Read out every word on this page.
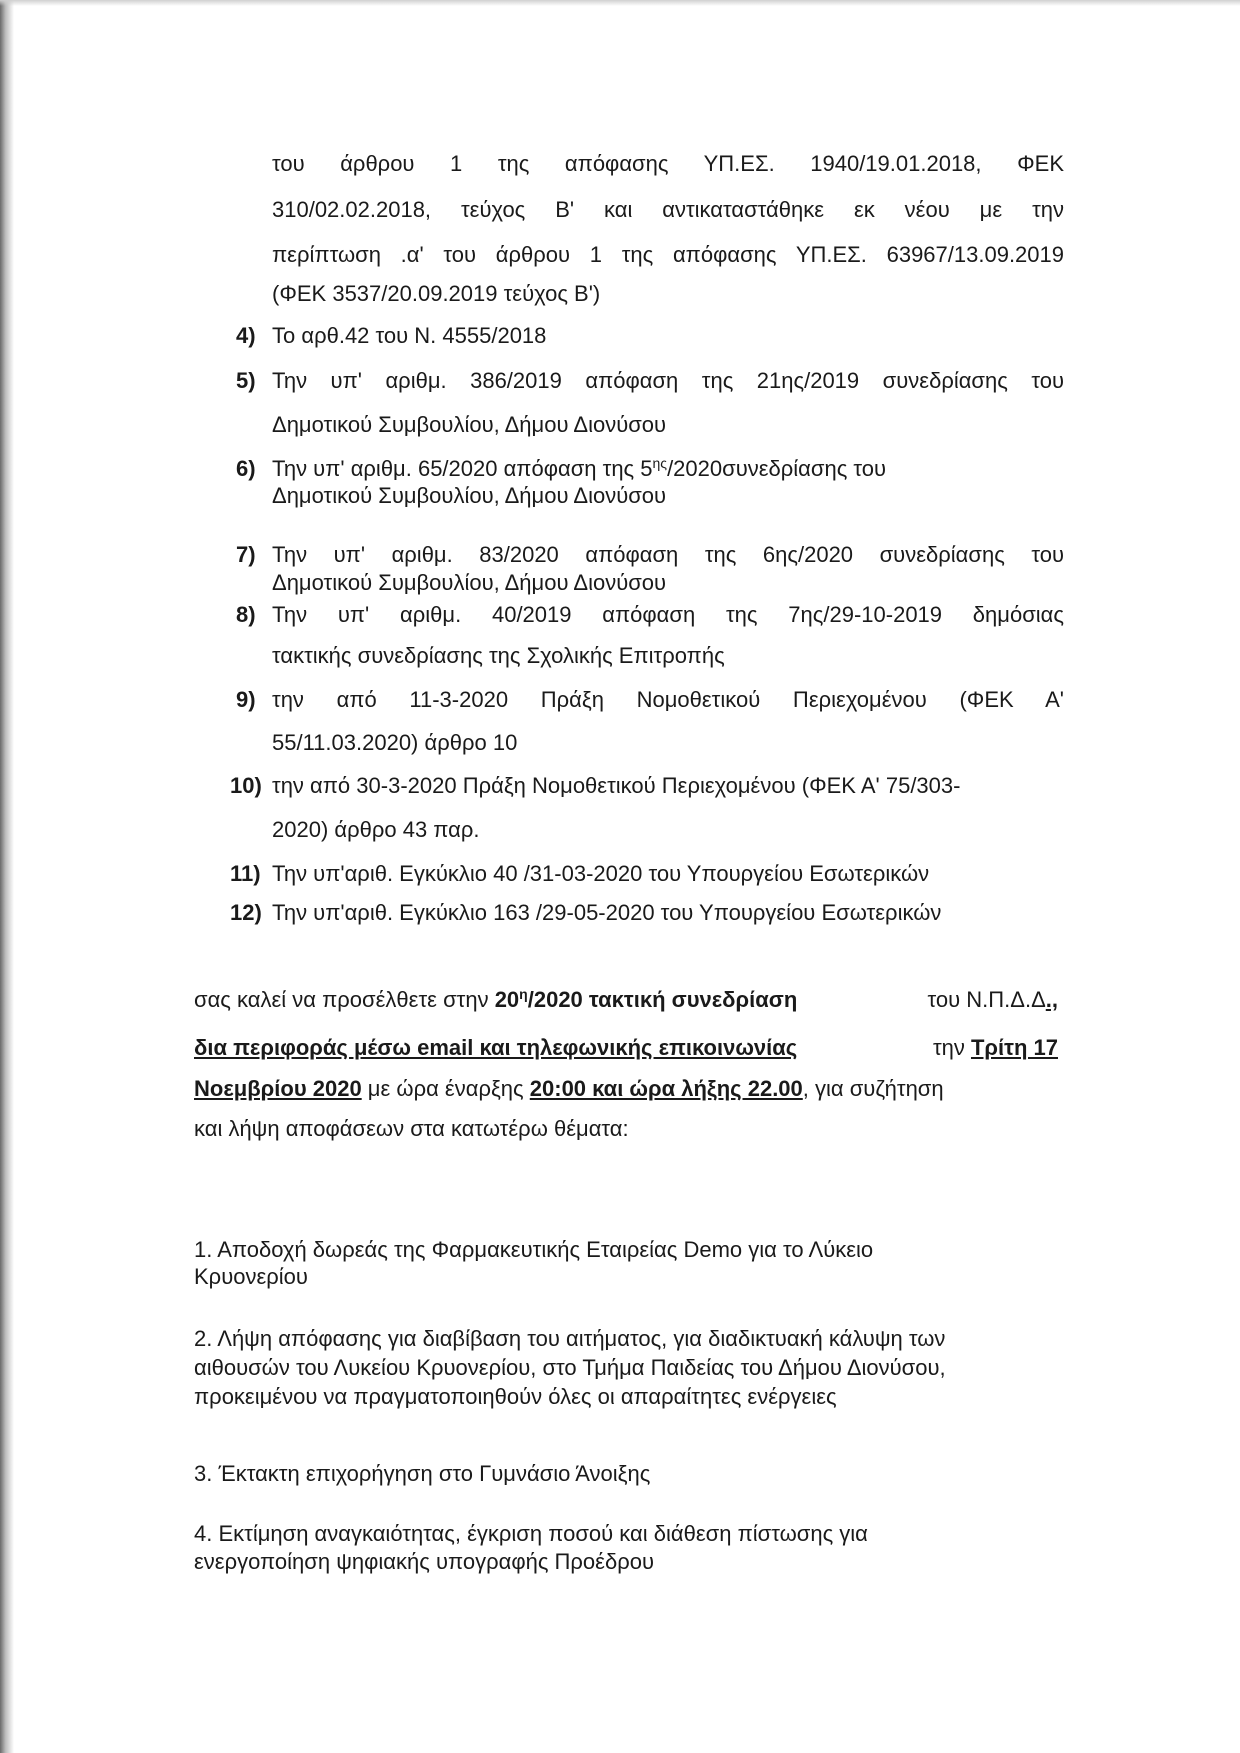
του άρθρου 1 της απόφασης ΥΠ.ΕΣ. 1940/19.01.2018, ΦΕΚ
310/02.02.2018, τεύχος Β' και αντικαταστάθηκε εκ νέου με την
περίπτωση .α' του άρθρου 1 της απόφασης ΥΠ.ΕΣ. 63967/13.09.2019
(ΦΕΚ 3537/20.09.2019 τεύχος Β')
4) Το αρθ.42 του Ν. 4555/2018
5) Την υπ' αριθμ. 386/2019 απόφαση της 21ης/2019 συνεδρίασης του
Δημοτικού Συμβουλίου, Δήμου Διονύσου
6) Την υπ' αριθμ. 65/2020 απόφαση της $5^{\eta\varsigma}/2020\sigma\upsilon\nu\varepsilon\delta\rho ί\alpha\sigma\eta\varsigma$ του
Δημοτικού Συμβουλίου, Δήμου Διονύσου
7) Την υπ' αριθμ. 83/2020 απόφαση της 6ης/2020 συνεδρίασης του
Δημοτικού Συμβουλίου, Δήμου Διονύσου
8) Την υπ' αριθμ. 40/2019 απόφαση της 7ης/29-10-2019 δημόσιας
τακτικής συνεδρίασης της Σχολικής Επιτροπής
9) την από 11-3-2020 Πράξη Νομοθετικού Περιεχομένου (ΦΕΚ Α'
55/11.03.2020) άρθρο 10
10) την από 30-3-2020 Πράξη Νομοθετικού Περιεχομένου (ΦΕΚ Α' 75/303-
2020) άρθρο 43 παρ.
11) Την υπ'αριθ. Εγκύκλιο 40 /31-03-2020 του Υπουργείου Εσωτερικών
12) Την υπ'αριθ. Εγκύκλιο 163 /29-05-2020 του Υπουργείου Εσωτερικών
σας καλεί να προσέλθετε στην $20^\eta/2020$ τακτική συνεδρίαση	του Ν.Π.Δ.Δ.,
δια περιφοράς μέσω email και τηλεφωνικής επικοινωνίας	την Τρίτη 17
Νοεμβρίου 2020 με ώρα έναρξης 20:00 και ώρα λήξης 22.00, για συζήτηση
και λήψη αποφάσεων στα κατωτέρω θέματα:
1. Αποδοχή δωρεάς της Φαρμακευτικής Εταιρείας Demo για το Λύκειο
Κρυονερίου
2. Λήψη απόφασης για διαβίβαση του αιτήματος, για διαδικτυακή κάλυψη των
αιθουσών του Λυκείου Κρυονερίου, στο Τμήμα Παιδείας του Δήμου Διονύσου,
προκειμένου να πραγματοποιηθούν όλες οι απαραίτητες ενέργειες
3. Έκτακτη επιχορήγηση στο Γυμνάσιο Άνοιξης
4. Εκτίμηση αναγκαιότητας, έγκριση ποσού και διάθεση πίστωσης για
ενεργοποίηση ψηφιακής υπογραφής Προέδρου
